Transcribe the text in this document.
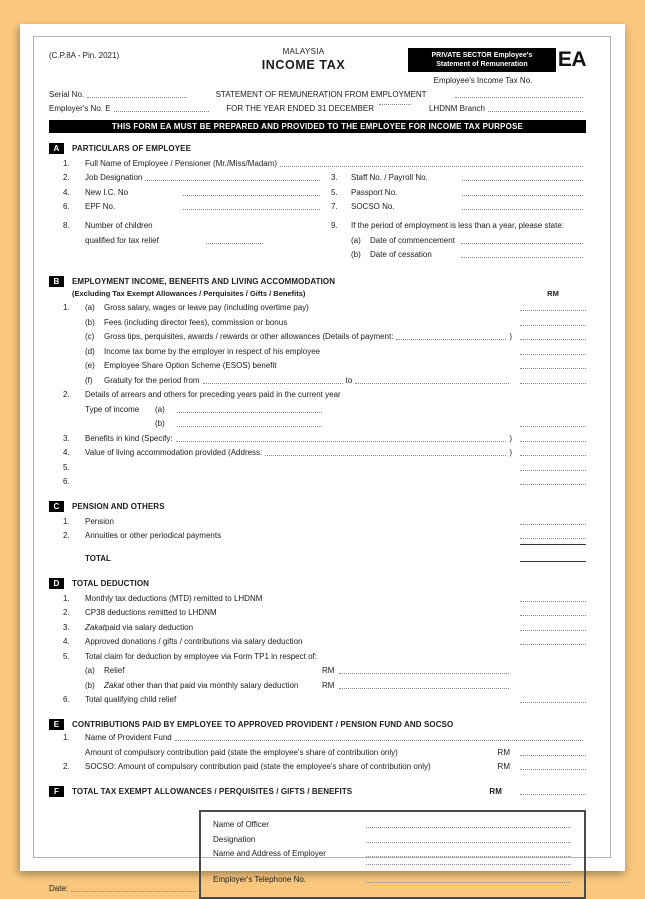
(C.P.8A - Pin. 2021)	MALAYSIA
INCOME TAX
PRIVATE SECTOR Employee's
Statement of Remuneration	EA
Employee's Income Tax No.
Serial No.	STATEMENT OF REMUNERATION FROM EMPLOYMENT
Employer's No. E	FOR THE YEAR ENDED 31 DECEMBER	LHDNM Branch
THIS FORM EA MUST BE PREPARED AND PROVIDED TO THE EMPLOYEE FOR INCOME TAX PURPOSE
A	PARTICULARS OF EMPLOYEE
1.	Full Name of Employee / Pensioner (Mr./Miss/Madam)
2.	Job Designation	3.	Staff No. / Payroll No.
4.	New I.C. No	5.	Passport No.
6.	EPF No.	7.	SOCSO No.
8.	Number of children
qualified for tax relief
9.	If the period of employment is less than a year, please state:
(a)	Date of commencement
(b)	Date of cessation
B	EMPLOYMENT INCOME, BENEFITS AND LIVING ACCOMMODATION
(Excluding Tax Exempt Allowances / Perquisites / Gifts / Benefits)	RM
1.	(a)	Gross salary, wages or leave pay (including overtime pay)
(b)	Fees (including director fees), commission or bonus
(c)	Gross tips, perquisites, awards / rewards or other allowances (Details of payment:	)
(d)	Income tax borne by the employer in respect of his employee
(e)	Employee Share Option Scheme (ESOS) benefit
(f)	Gratuity for the period from	to
2.	Details of arrears and others for preceding years paid in the current year
Type of income	(a)
(b)
3.	Benefits in kind (Specify:	)
4.	Value of living accommodation provided (Address:	)
5.
6.
C	PENSION AND OTHERS
1.	Pension
2.	Annuities or other periodical payments
TOTAL
D	TOTAL DEDUCTION
1.	Monthly tax deductions (MTD) remitted to LHDNM
2.	CP38 deductions remitted to LHDNM
3.	Zakat paid via salary deduction
4.	Approved donations / gifts / contributions via salary deduction
5.	Total claim for deduction by employee via Form TP1 in respect of:
(a)	Relief	RM
(b)	Zakat other than that paid via monthly salary deduction	RM
6.	Total qualifying child relief
E	CONTRIBUTIONS PAID BY EMPLOYEE TO APPROVED PROVIDENT / PENSION FUND AND SOCSO
1.	Name of Provident Fund
Amount of compulsory contribution paid (state the employee's share of contribution only)	RM
2.	SOCSO: Amount of compulsory contribution paid (state the employee's share of contribution only)	RM
F	TOTAL TAX EXEMPT ALLOWANCES / PERQUISITES / GIFTS / BENEFITS	RM
Date:
Name of Officer
Designation
Name and Address of Employer
Employer's Telephone No.
